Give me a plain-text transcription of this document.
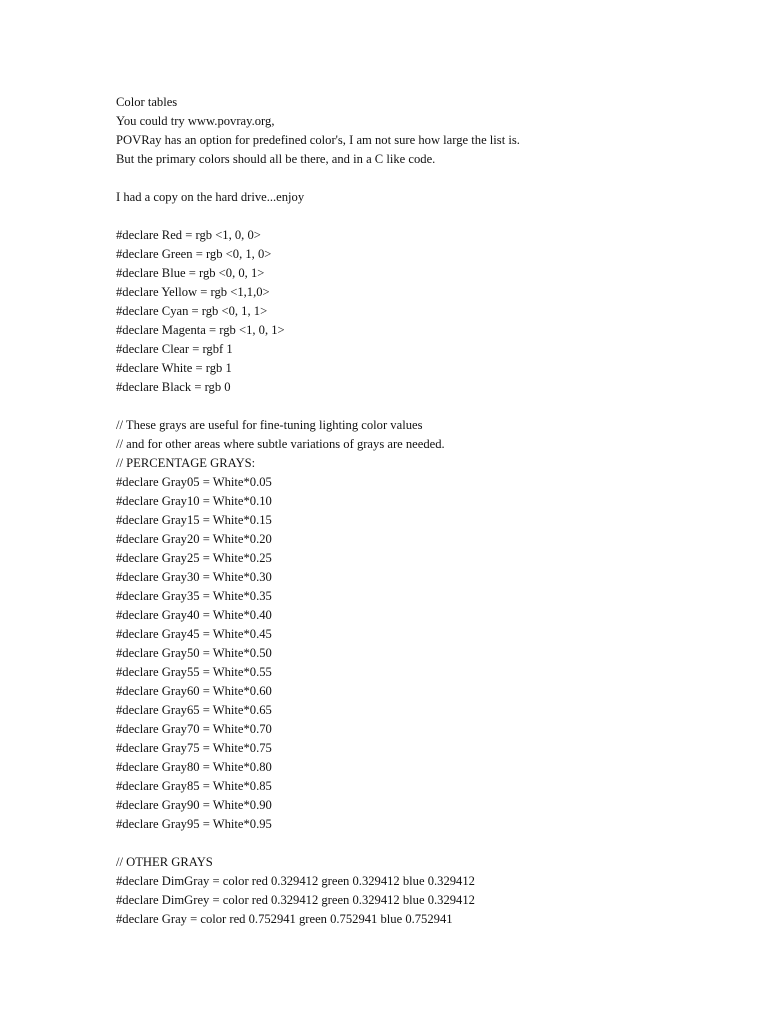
Color tables
You could try www.povray.org,
POVRay has an option for predefined color's, I am not sure how large the list is.
But the primary colors should all be there, and in a C like code.
I had a copy on the hard drive...enjoy
#declare Red = rgb <1, 0, 0>
#declare Green = rgb <0, 1, 0>
#declare Blue = rgb <0, 0, 1>
#declare Yellow = rgb <1,1,0>
#declare Cyan = rgb <0, 1, 1>
#declare Magenta = rgb <1, 0, 1>
#declare Clear = rgbf 1
#declare White = rgb 1
#declare Black = rgb 0
// These grays are useful for fine-tuning lighting color values
// and for other areas where subtle variations of grays are needed.
// PERCENTAGE GRAYS:
#declare Gray05 = White*0.05
#declare Gray10 = White*0.10
#declare Gray15 = White*0.15
#declare Gray20 = White*0.20
#declare Gray25 = White*0.25
#declare Gray30 = White*0.30
#declare Gray35 = White*0.35
#declare Gray40 = White*0.40
#declare Gray45 = White*0.45
#declare Gray50 = White*0.50
#declare Gray55 = White*0.55
#declare Gray60 = White*0.60
#declare Gray65 = White*0.65
#declare Gray70 = White*0.70
#declare Gray75 = White*0.75
#declare Gray80 = White*0.80
#declare Gray85 = White*0.85
#declare Gray90 = White*0.90
#declare Gray95 = White*0.95
// OTHER GRAYS
#declare DimGray = color red 0.329412 green 0.329412 blue 0.329412
#declare DimGrey = color red 0.329412 green 0.329412 blue 0.329412
#declare Gray = color red 0.752941 green 0.752941 blue 0.752941
